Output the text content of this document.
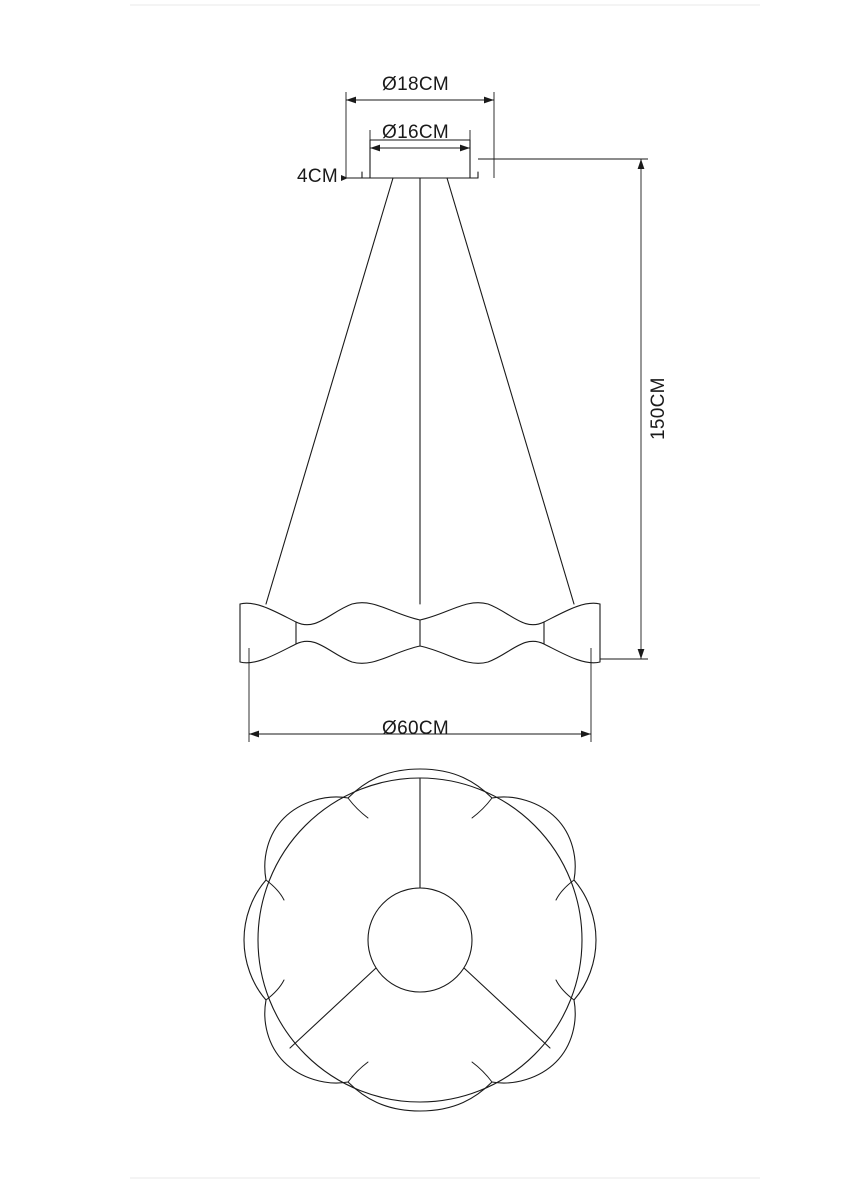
Ø18CM
Ø16CM
4CM
150CM
Ø60CM
